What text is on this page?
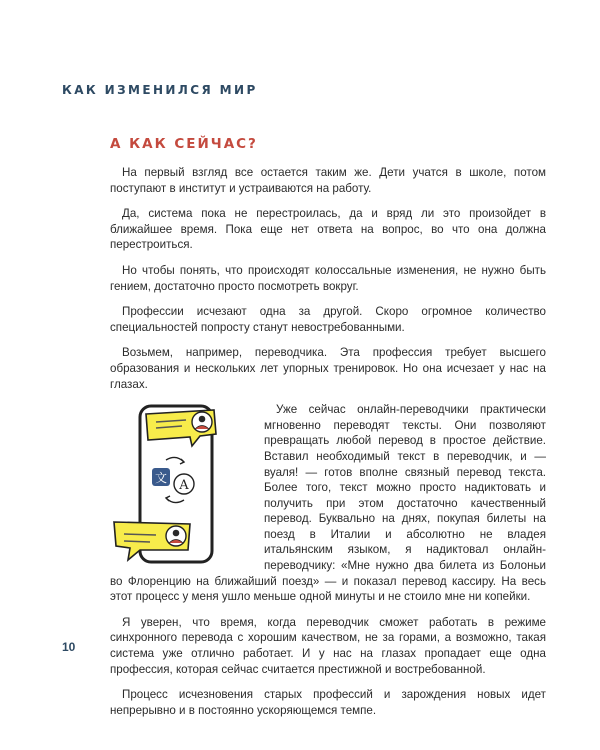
КАК ИЗМЕНИЛСЯ МИР
А КАК СЕЙЧАС?

На первый взгляд все остается таким же. Дети учатся в школе, потом поступают в институт и устраиваются на работу.

Да, система пока не перестроилась, да и вряд ли это произойдет в ближайшее время. Пока еще нет ответа на вопрос, во что она должна перестроиться.

Но чтобы понять, что происходят колоссальные изменения, не нужно быть гением, достаточно просто посмотреть вокруг.

Профессии исчезают одна за другой. Скоро огромное количество специальностей попросту станут невостребованными.

Возьмем, например, переводчика. Эта профессия требует высшего образования и нескольких лет упорных тренировок. Но она исчезает у нас на глазах.

文 A

Уже сейчас онлайн-переводчики практически мгновенно переводят тексты. Они позволяют превращать любой перевод в простое действие. Вставил необходимый текст в переводчик, и — вуаля! — готов вполне связный перевод текста. Более того, текст можно просто надиктовать и получить при этом достаточно качественный перевод. Буквально на днях, покупая билеты на поезд в Италии и абсолютно не владея итальянским языком, я надиктовал онлайн-переводчику: «Мне нужно два билета из Болоньи во Флоренцию на ближайший поезд» — и показал перевод кассиру. На весь этот процесс у меня ушло меньше одной минуты и не стоило мне ни копейки.

Я уверен, что время, когда переводчик сможет работать в режиме синхронного перевода с хорошим качеством, не за горами, а возможно, такая система уже отлично работает. И у нас на глазах пропадает еще одна профессия, которая сейчас считается престижной и востребованной.

Процесс исчезновения старых профессий и зарождения новых идет непрерывно и в постоянно ускоряющемся темпе.

10
